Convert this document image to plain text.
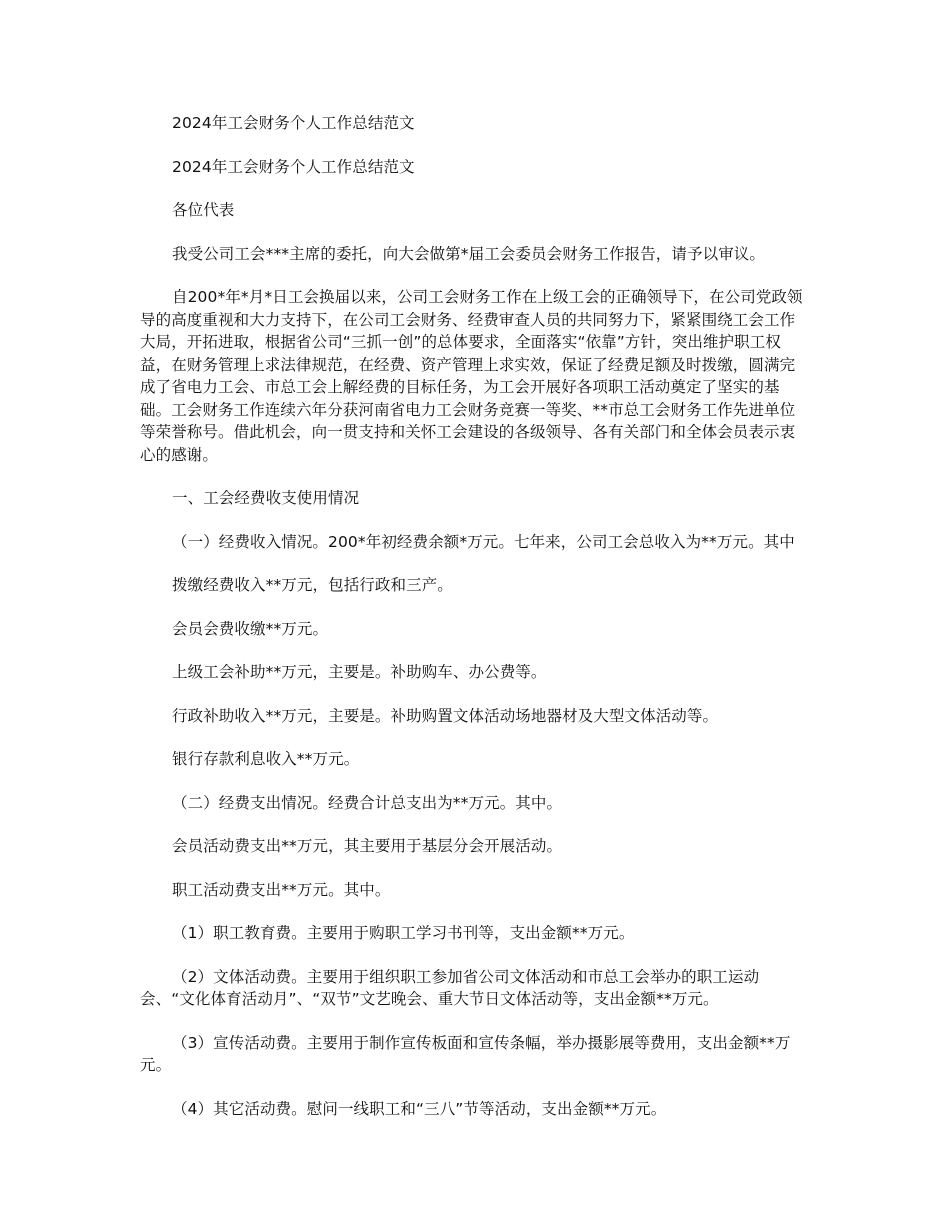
2024年工会财务个人工作总结范文

2024年工会财务个人工作总结范文

各位代表

我受公司工会***主席的委托，向大会做第*届工会委员会财务工作报告，请予以审议。

自200*年*月*日工会换届以来，公司工会财务工作在上级工会的正确领导下，在公司党政领导的高度重视和大力支持下，在公司工会财务、经费审查人员的共同努力下，紧紧围绕工会工作大局，开拓进取，根据省公司“三抓一创”的总体要求，全面落实“依靠”方针，突出维护职工权益，在财务管理上求法律规范，在经费、资产管理上求实效，保证了经费足额及时拨缴，圆满完成了省电力工会、市总工会上解经费的目标任务，为工会开展好各项职工活动奠定了坚实的基础。工会财务工作连续六年分获河南省电力工会财务竞赛一等奖、**市总工会财务工作先进单位等荣誉称号。借此机会，向一贯支持和关怀工会建设的各级领导、各有关部门和全体会员表示衷心的感谢。

一、工会经费收支使用情况

（一）经费收入情况。200*年初经费余额*万元。七年来，公司工会总收入为**万元。其中

拨缴经费收入**万元，包括行政和三产。

会员会费收缴**万元。

上级工会补助**万元，主要是。补助购车、办公费等。

行政补助收入**万元，主要是。补助购置文体活动场地器材及大型文体活动等。

银行存款利息收入**万元。

（二）经费支出情况。经费合计总支出为**万元。其中。

会员活动费支出**万元，其主要用于基层分会开展活动。

职工活动费支出**万元。其中。

（1）职工教育费。主要用于购职工学习书刊等，支出金额**万元。

（2）文体活动费。主要用于组织职工参加省公司文体活动和市总工会举办的职工运动会、“文化体育活动月”、“双节”文艺晚会、重大节日文体活动等，支出金额**万元。

（3）宣传活动费。主要用于制作宣传板面和宣传条幅，举办摄影展等费用，支出金额**万元。

（4）其它活动费。慰问一线职工和“三八”节等活动，支出金额**万元。
